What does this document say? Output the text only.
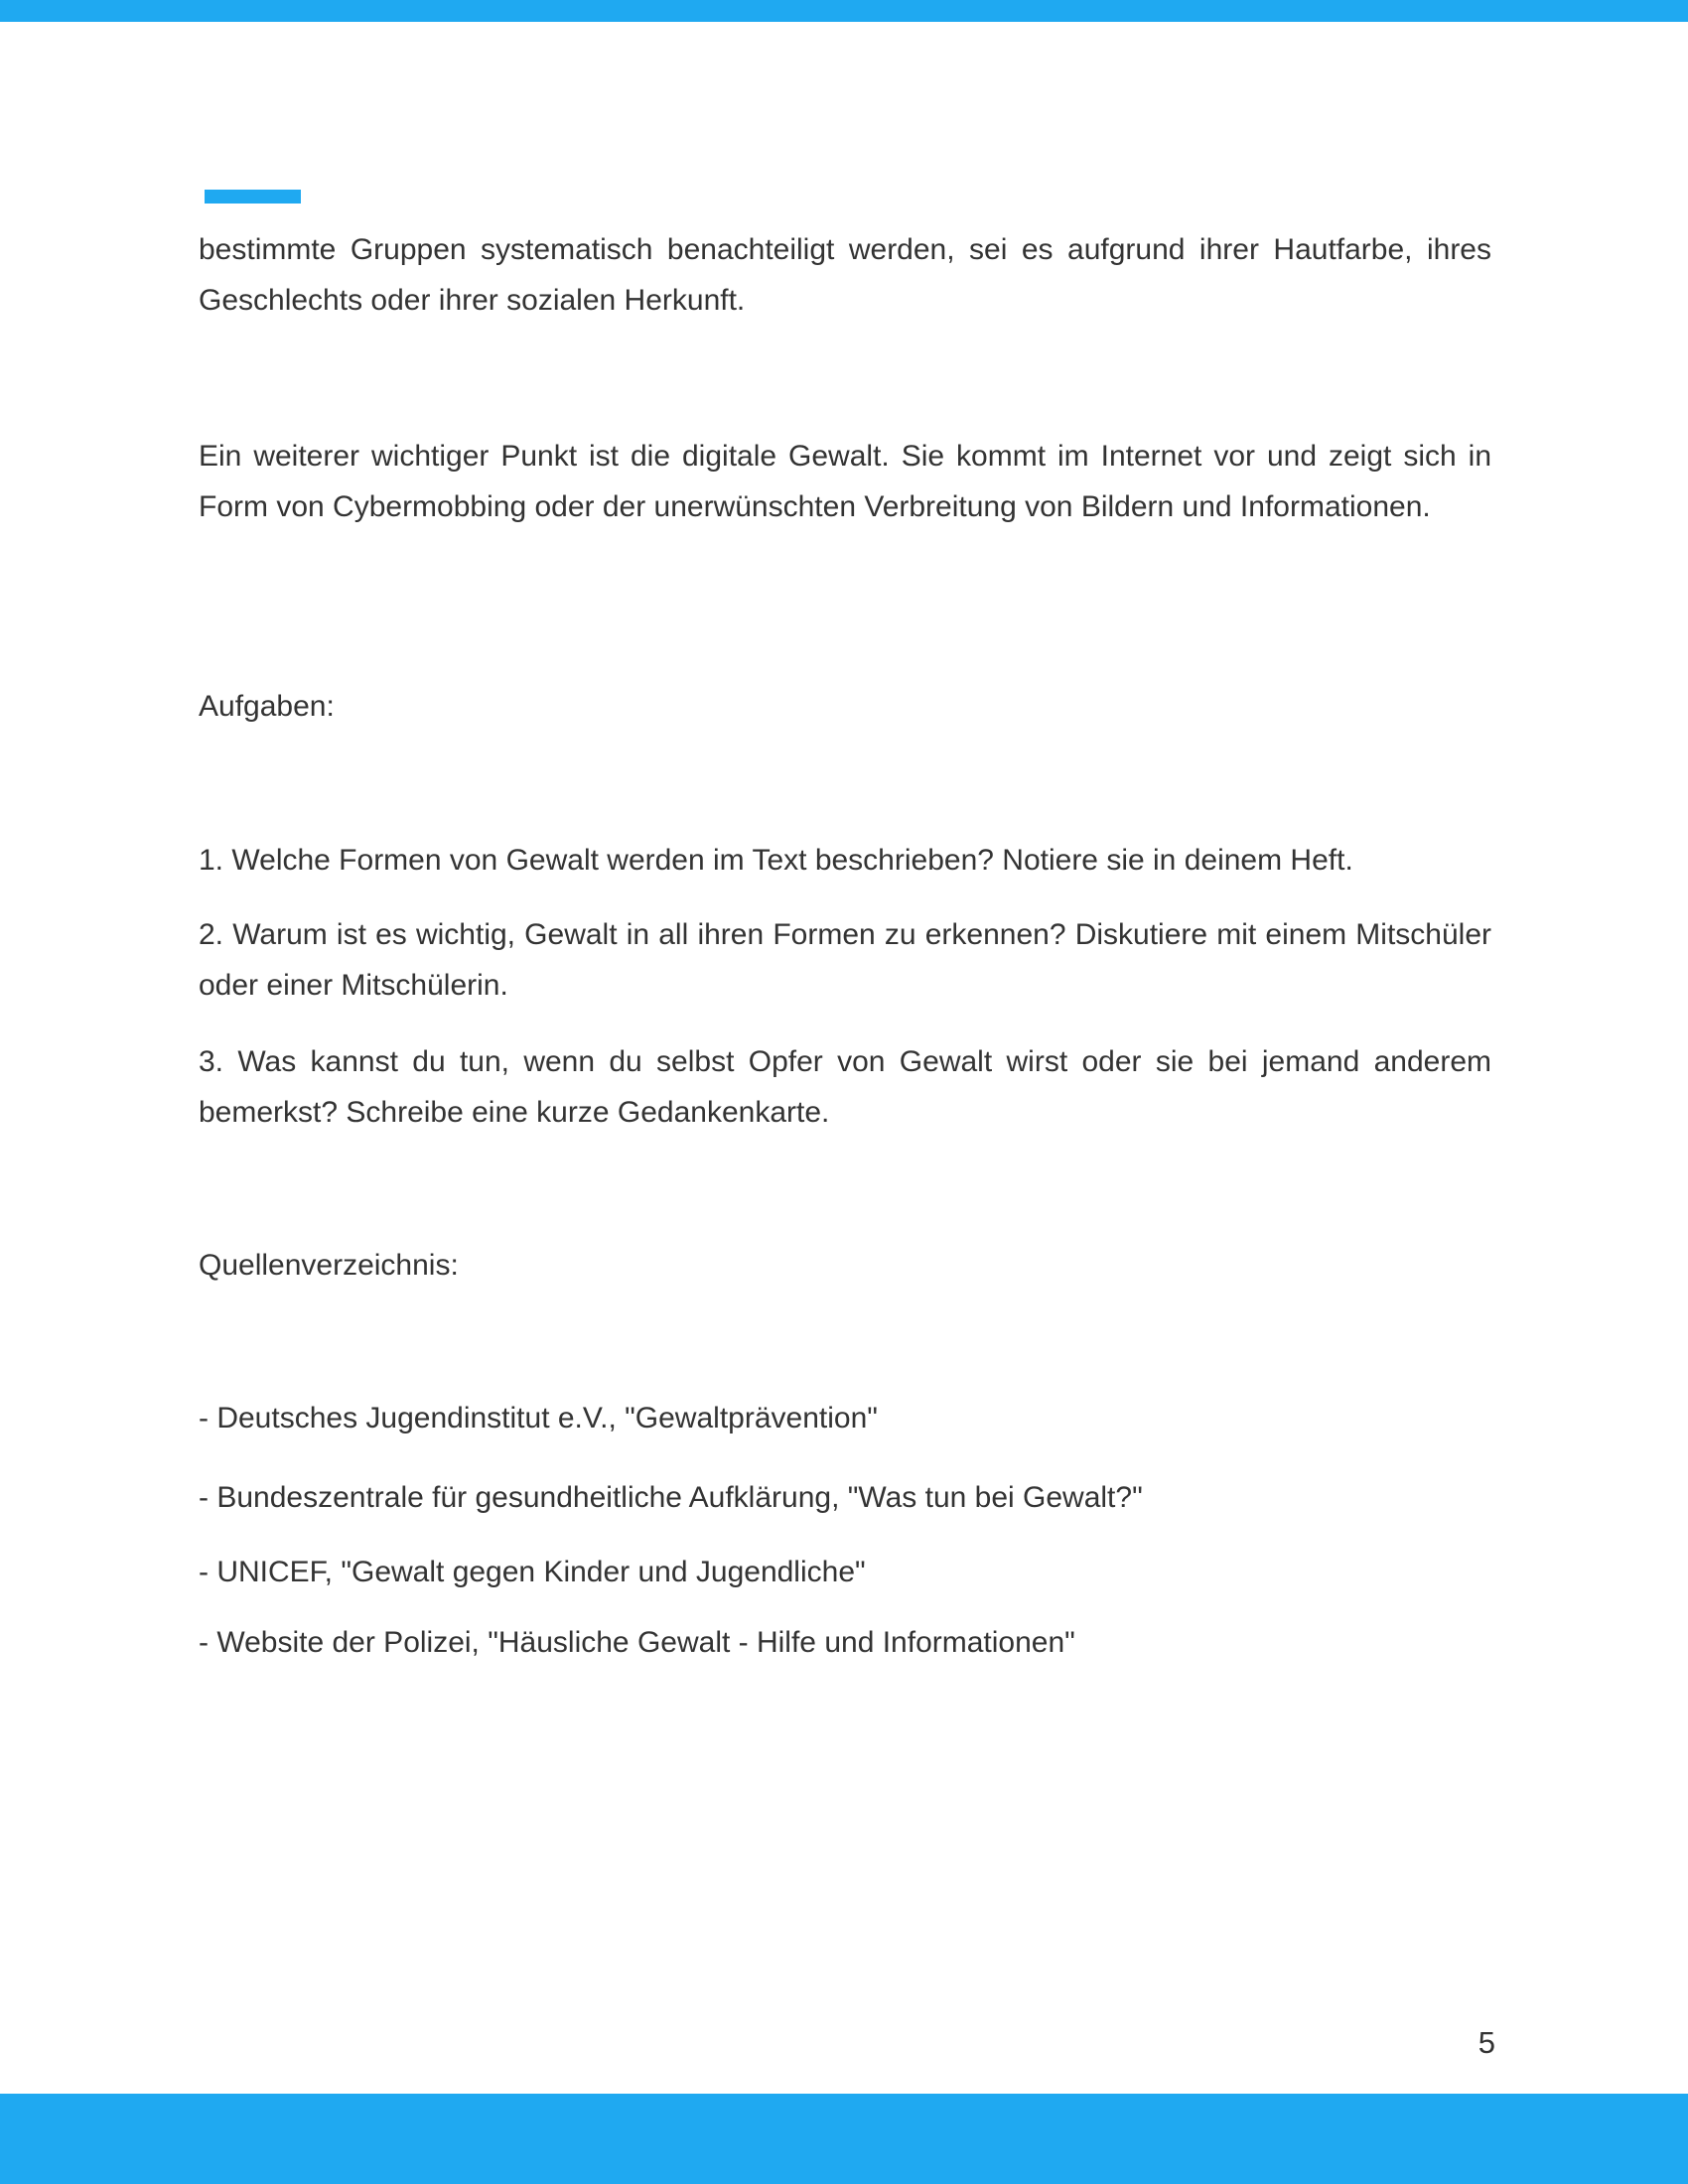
bestimmte Gruppen systematisch benachteiligt werden, sei es aufgrund ihrer Hautfarbe, ihres Geschlechts oder ihrer sozialen Herkunft.
Ein weiterer wichtiger Punkt ist die digitale Gewalt. Sie kommt im Internet vor und zeigt sich in Form von Cybermobbing oder der unerwünschten Verbreitung von Bildern und Informationen.
Aufgaben:
1. Welche Formen von Gewalt werden im Text beschrieben? Notiere sie in deinem Heft.
2. Warum ist es wichtig, Gewalt in all ihren Formen zu erkennen? Diskutiere mit einem Mitschüler oder einer Mitschülerin.
3. Was kannst du tun, wenn du selbst Opfer von Gewalt wirst oder sie bei jemand anderem bemerkst? Schreibe eine kurze Gedankenkarte.
Quellenverzeichnis:
- Deutsches Jugendinstitut e.V., "Gewaltprävention"
- Bundeszentrale für gesundheitliche Aufklärung, "Was tun bei Gewalt?"
- UNICEF, "Gewalt gegen Kinder und Jugendliche"
- Website der Polizei, "Häusliche Gewalt - Hilfe und Informationen"
5
